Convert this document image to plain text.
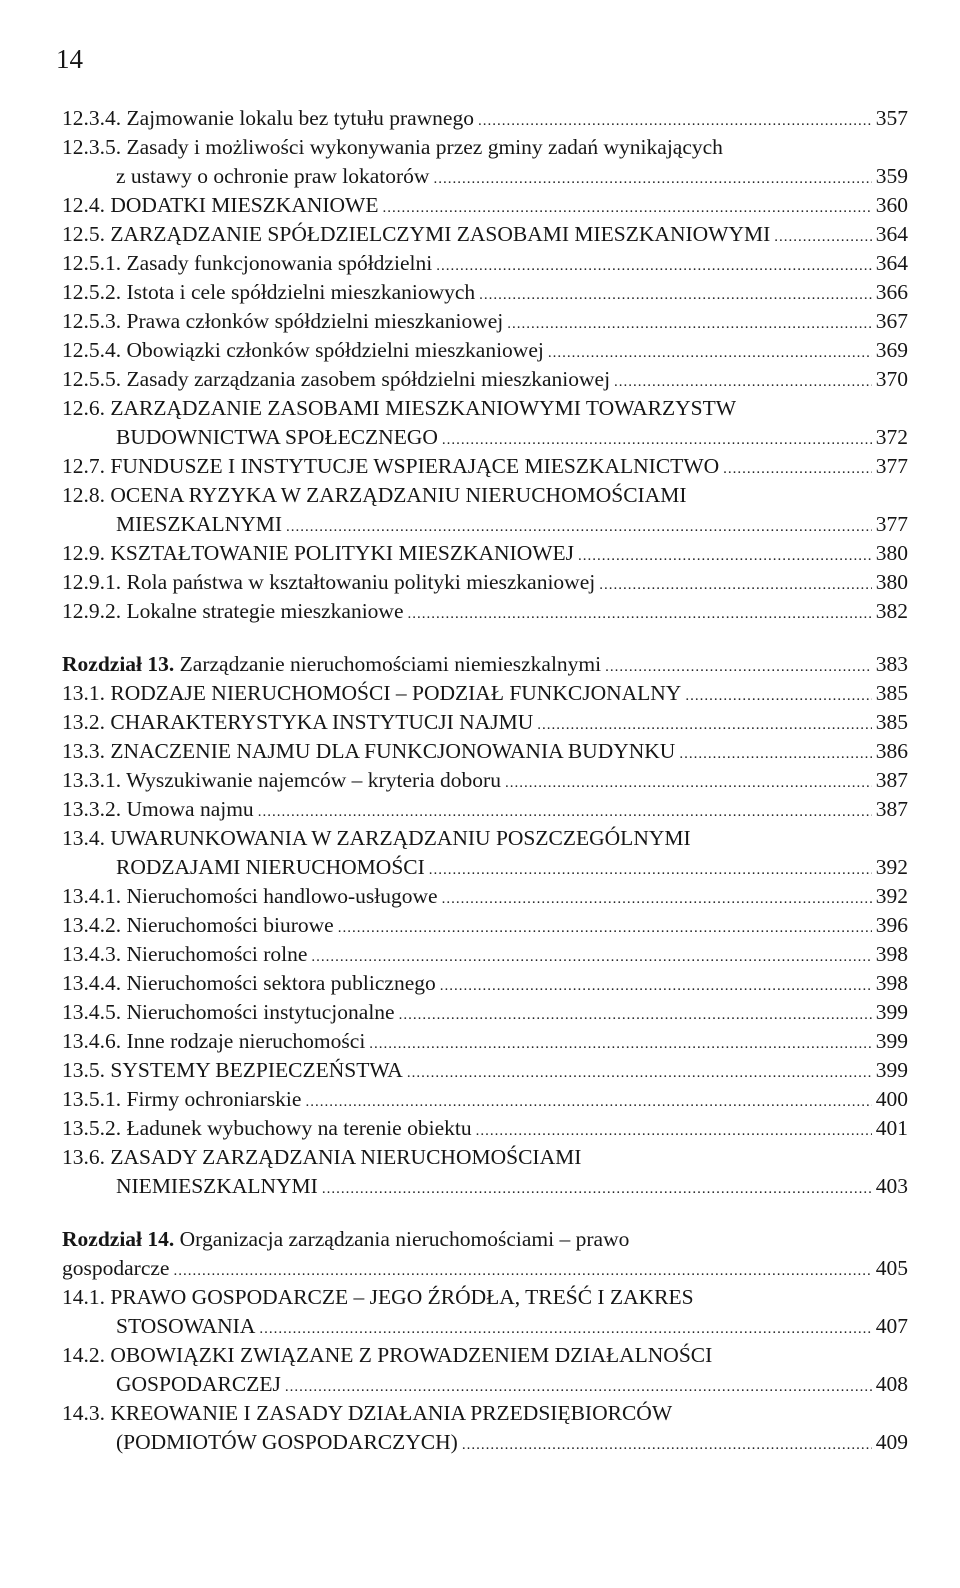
14
12.3.4. Zajmowanie lokalu bez tytułu prawnego .....	357
12.3.5. Zasady i możliwości wykonywania przez gminy zadań wynikających
z ustawy o ochronie praw lokatorów .....	359
12.4. DODATKI MIESZKANIOWE .....	360
12.5. ZARZĄDZANIE SPÓŁDZIELCZYMI ZASOBAMI MIESZKANIOWYMI .....	364
12.5.1. Zasady funkcjonowania spółdzielni .....	364
12.5.2. Istota i cele spółdzielni mieszkaniowych .....	366
12.5.3. Prawa członków spółdzielni mieszkaniowej .....	367
12.5.4. Obowiązki członków spółdzielni mieszkaniowej .....	369
12.5.5. Zasady zarządzania zasobem spółdzielni mieszkaniowej .....	370
12.6. ZARZĄDZANIE ZASOBAMI MIESZKANIOWYMI TOWARZYSTW
BUDOWNICTWA SPOŁECZNEGO .....	372
12.7. FUNDUSZE I INSTYTUCJE WSPIERAJĄCE MIESZKALNICTWO .....	377
12.8. OCENA RYZYKA W ZARZĄDZANIU NIERUCHOMOŚCIAMI
MIESZKALNYMI .....	377
12.9. KSZTAŁTOWANIE POLITYKI MIESZKANIOWEJ .....	380
12.9.1. Rola państwa w kształtowaniu polityki mieszkaniowej .....	380
12.9.2. Lokalne strategie mieszkaniowe .....	382
Rozdział 13. Zarządzanie nieruchomościami niemieszkalnymi .....	383
13.1. RODZAJE NIERUCHOMOŚCI – PODZIAŁ FUNKCJONALNY .....	385
13.2. CHARAKTERYSTYKA INSTYTUCJI NAJMU .....	385
13.3. ZNACZENIE NAJMU DLA FUNKCJONOWANIA BUDYNKU .....	386
13.3.1. Wyszukiwanie najemców – kryteria doboru .....	387
13.3.2. Umowa najmu .....	387
13.4. UWARUNKOWANIA W ZARZĄDZANIU POSZCZEGÓLNYMI
RODZAJAMI NIERUCHOMOŚCI .....	392
13.4.1. Nieruchomości handlowo-usługowe .....	392
13.4.2. Nieruchomości biurowe .....	396
13.4.3. Nieruchomości rolne .....	398
13.4.4. Nieruchomości sektora publicznego .....	398
13.4.5. Nieruchomości instytucjonalne .....	399
13.4.6. Inne rodzaje nieruchomości .....	399
13.5. SYSTEMY BEZPIECZEŃSTWA .....	399
13.5.1. Firmy ochroniarskie .....	400
13.5.2. Ładunek wybuchowy na terenie obiektu .....	401
13.6. ZASADY ZARZĄDZANIA NIERUCHOMOŚCIAMI
NIEMIESZKALNYMI .....	403
Rozdział 14. Organizacja zarządzania nieruchomościami – prawo
gospodarcze .....	405
14.1. PRAWO GOSPODARCZE – JEGO ŹRÓDŁA, TREŚĆ I ZAKRES
STOSOWANIA .....	407
14.2. OBOWIĄZKI ZWIĄZANE Z PROWADZENIEM DZIAŁALNOŚCI
GOSPODARCZEJ .....	408
14.3. KREOWANIE I ZASADY DZIAŁANIA PRZEDSIĘBIORCÓW
(PODMIOTÓW GOSPODARCZYCH) .....	409
